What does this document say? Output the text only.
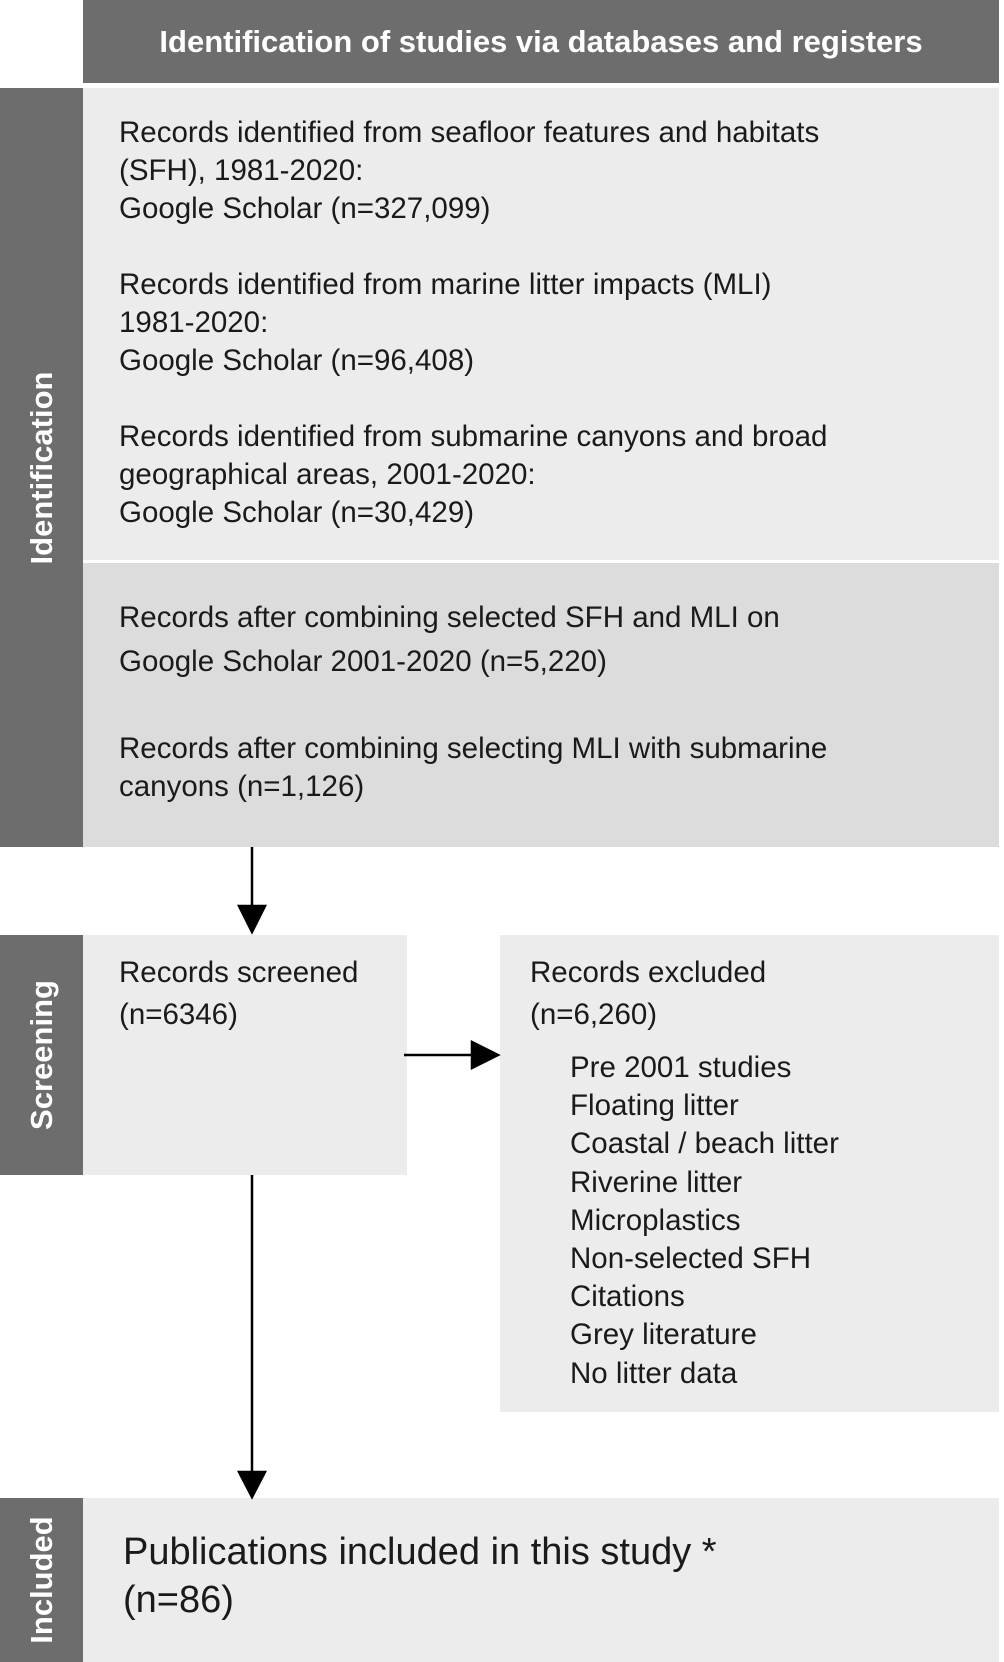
Identification of studies via databases and registers
Identification
Screening
Included
Records identified from seafloor features and habitats
(SFH), 1981-2020:
Google Scholar (n=327,099)
Records identified from marine litter impacts (MLI)
1981-2020:
Google Scholar (n=96,408)
Records identified from submarine canyons and broad
geographical areas, 2001-2020:
Google Scholar (n=30,429)
Records after combining selected SFH and MLI on
Google Scholar 2001-2020 (n=5,220)
Records after combining selecting MLI with submarine
canyons (n=1,126)
Records screened
(n=6346)
Records excluded
(n=6,260)
Pre 2001 studies
Floating litter
Coastal / beach litter
Riverine litter
Microplastics
Non-selected SFH
Citations
Grey literature
No litter data
Publications included in this study *
(n=86)
